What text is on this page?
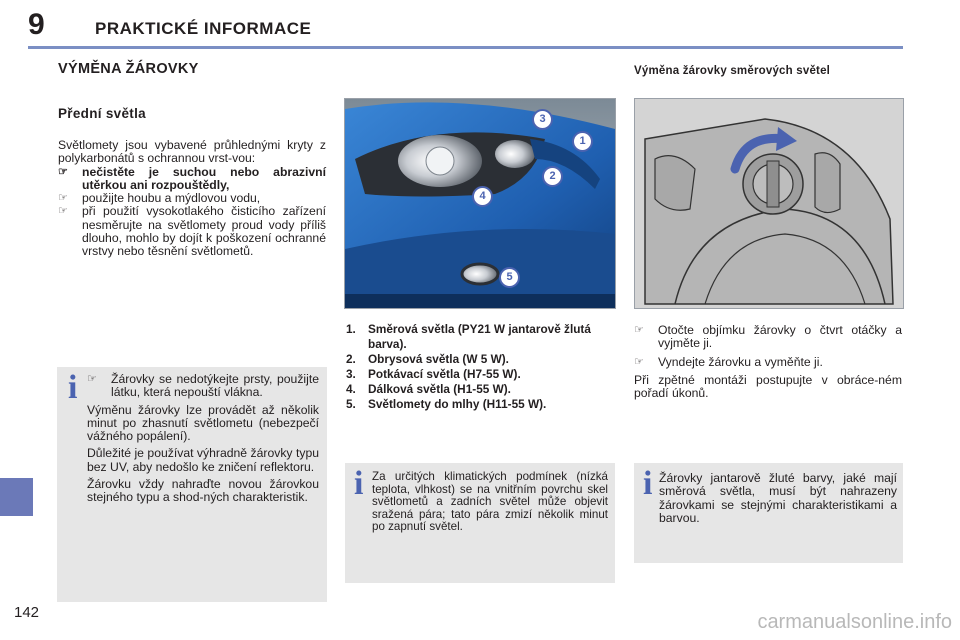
9	PRAKTICKÉ INFORMACE
142
VÝMĚNA ŽÁROVKY
Přední světla
Světlomety jsou vybavené průhlednými kryty z polykarbonátů s ochrannou vrst-vou:
☞ nečistěte je suchou nebo abrazivní utěrkou ani rozpouštědly,
☞ použijte houbu a mýdlovou vodu,
☞ při použití vysokotlakého čisticího zařízení nesměrujte na světlomety proud vody příliš dlouho, mohlo by dojít k poškození ochranné vrstvy nebo těsnění světlometů.
i ☞ Žárovky se nedotýkejte prsty, použijte látku, která nepouští vlákna.
Výměnu žárovky lze provádět až několik minut po zhasnutí světlometu (nebezpečí vážného popálení).
Důležité je používat výhradně žárovky typu bez UV, aby nedošlo ke zničení reflektoru.
Žárovku vždy nahraďte novou žárovkou stejného typu a shod-ných charakteristik.
3
1
2
4
5
1. Směrová světla (PY21 W jantarově žlutá barva).
2. Obrysová světla (W 5 W).
3. Potkávací světla (H7-55 W).
4. Dálková světla (H1-55 W).
5. Světlomety do mlhy (H11-55 W).
i Za určitých klimatických podmínek (nízká teplota, vlhkost) se na vnitřním povrchu skel světlometů a zadních světel může objevit sražená pára; tato pára zmizí několik minut po zapnutí světel.
Výměna žárovky směrových světel
☞ Otočte objímku žárovky o čtvrt otáčky a vyjměte ji.
☞ Vyndejte žárovku a vyměňte ji.
Při zpětné montáži postupujte v obráce-ném pořadí úkonů.
i Žárovky jantarově žluté barvy, jaké mají směrová světla, musí být nahrazeny žárovkami se stejnými charakteristikami a barvou.
carmanualsonline.info
